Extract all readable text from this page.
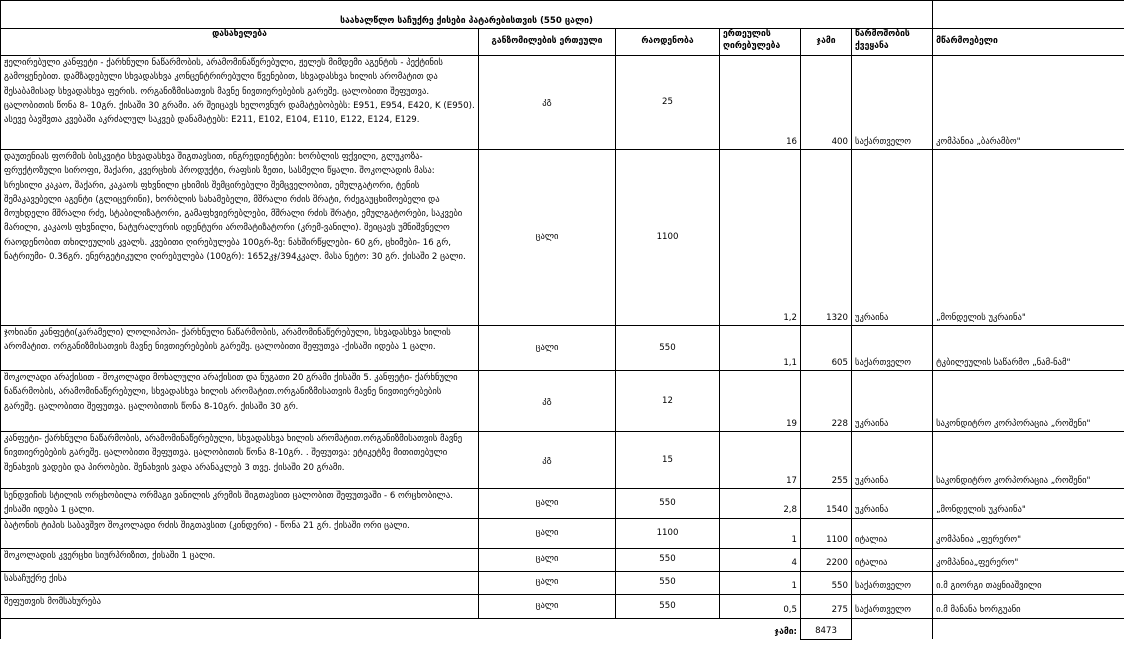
საახალწლო საჩუქრე ქისები პატარებისთვის (550 ცალი)						
დასახელება	განზომილების ერთეული	რაოდენობა	ერთეულის ღირებულება	ჯამი	წარმოშობის ქვეყანა	მწარმოებელი
ჟელირებული კანფეტი - ქარხნული ნაწარმობის, არამომინაწერებული, ჟელეს მიმდემი აგენტის - პექტინის გამოყენებით. დამზადებული სხვადასხვა კონცენტრირებული წვენებით, სხვადასხვა ხილის არომატით და შესაბამისად სხვადასხვა ფერის. ორგანიზმისათვის მავნე ნივთიერებების გარეშე. ცალობითი შეფუთვა. ცალობითის წონა 8- 10გრ. ქისაში 30 გრამი. არ შეიცავს ხელოვნურ დამატებობებს: E951, E954, E420, K (E950). ასევე ბავშვთა კვებაში აკრძალულ საკვებ დანამატებს: E211, E102, E104, E110, E122, E124, E129.	კგ	25	16	400	საქართველო	კომპანია „ბარამბო"
დაუთენიას ფორმის ბისკვიტი სხვადასხვა შიგთავსით, ინგრედიენტები: ხორბლის ფქვილი, გლუკოზა-ფრუქტოზული სიროფი, შაქარი, კვერცხის პროდუქტი, რაფსის ზეთი, სასმელი წყალი. შოკოლადის მასა: სრესილი კაკაო, შაქარი, კაკაოს ფხვნილი ცხიმის შემცირებული შემცველობით, ემულგატორი, ტენის შემაკავებელი აგენტი (გლიცერინი), ხორბლის სახამებელი, მშრალი რძის შრატი, რძეგაუცხიმოებელი და მოუხდელი მშრალი რძე, სტაბილიზატორი, გამაფხვიერებლები, მშრალი რძის შრატი, ემულგატორები, საკვები მარილი, კაკაოს ფხვნილი, ნატურალურის იდენტური არომატიზატორი (კრემ-ვანილი). შეიცავს უმნიშვნელო რაოდენობით თხილეულის კვალს. კვებითი ღირებულება 100გრ-ზე: ნახშირწყლები- 60 გრ, ცხიმები- 16 გრ, ნატრიუმი- 0.36გრ. ენერგეტიკული ღირებულება (100გრ): 1652კჯ/394კკალ. მასა ნეტო: 30 გრ. ქისაში 2 ცალი.	ცალი	1100	1,2	1320	უკრაინა	„მონდელის უკრაინა"
ჯოხიანი კანფეტი(კარამელი) ლოლიპოპი- ქარხნული ნაწარმობის, არამომინაწერებული, სხვადასხვა ხილის არომატით. ორგანიზმისათვის მავნე ნივთიერებების გარეშე. ცალობითი შეფუთვა -ქისაში იდება 1 ცალი.	ცალი	550	1,1	605	საქართველო	ტკბილეულის საწარმო „ნამ-ნამ"
შოკოლადი არაქისით - შოკოლადი მოხალული არაქისით და ნუგათი 20 გრამი ქისაში 5. კანფეტი- ქარხნული ნაწარმობის, არამომინაწერებული, სხვადასხვა ხილის არომატით.ორგანიზმისათვის მავნე ნივთიერებების გარეშე. ცალობითი შეფუთვა. ცალობითის წონა 8-10გრ. ქისაში 30 გრ.	კგ	12	19	228	უკრაინა	საკონდიტრო კორპორაცია „როშენი"
კანფეტი- ქარხნული ნაწარმობის, არამომინაწერებული, სხვადასხვა ხილის არომატით.ორგანიზმისათვის მავნე ნივთიერებების გარეშე. ცალობითი შეფუთვა. ცალობითის წონა 8-10გრ. . შეფუთვა: ეტიკეტზე მითითებული შენახვის ვადები და პირობები. შენახვის ვადა არანაკლებ 3 თვე. ქისაში 20 გრამი.	კგ	15	17	255	უკრაინა	საკონდიტრო კორპორაცია „როშენი"
სენდვიჩის სტილის ორცხობილა ორმაგი ვანილის კრემის შიგთავსით ცალობით შეფუთვაში - 6 ორცხობილა. ქისაში იდება 1 ცალი.	ცალი	550	2,8	1540	უკრაინა	„მონდელის უკრაინა"
ბატონის ტიპის საბავშვო შოკოლადი რძის შიგთავსით (კინდერი) - წონა 21 გრ. ქისაში ორი ცალი.	ცალი	1100	1	1100	იტალია	კომპანია „ფერერო"
შოკოლადის კვერცხი სიურპრიზით, ქისაში 1 ცალი.	ცალი	550	4	2200	იტალია	კომპანია„ფერერო"
სასაჩუქრე ქისა	ცალი	550	1	550	საქართველო	ი.მ გიორგი თაყნიაშვილი
შეფუთვის მომსახურება	ცალი	550	0,5	275	საქართველო	ი.მ მანანა ხორგუანი
			ჯამი:	8473		
